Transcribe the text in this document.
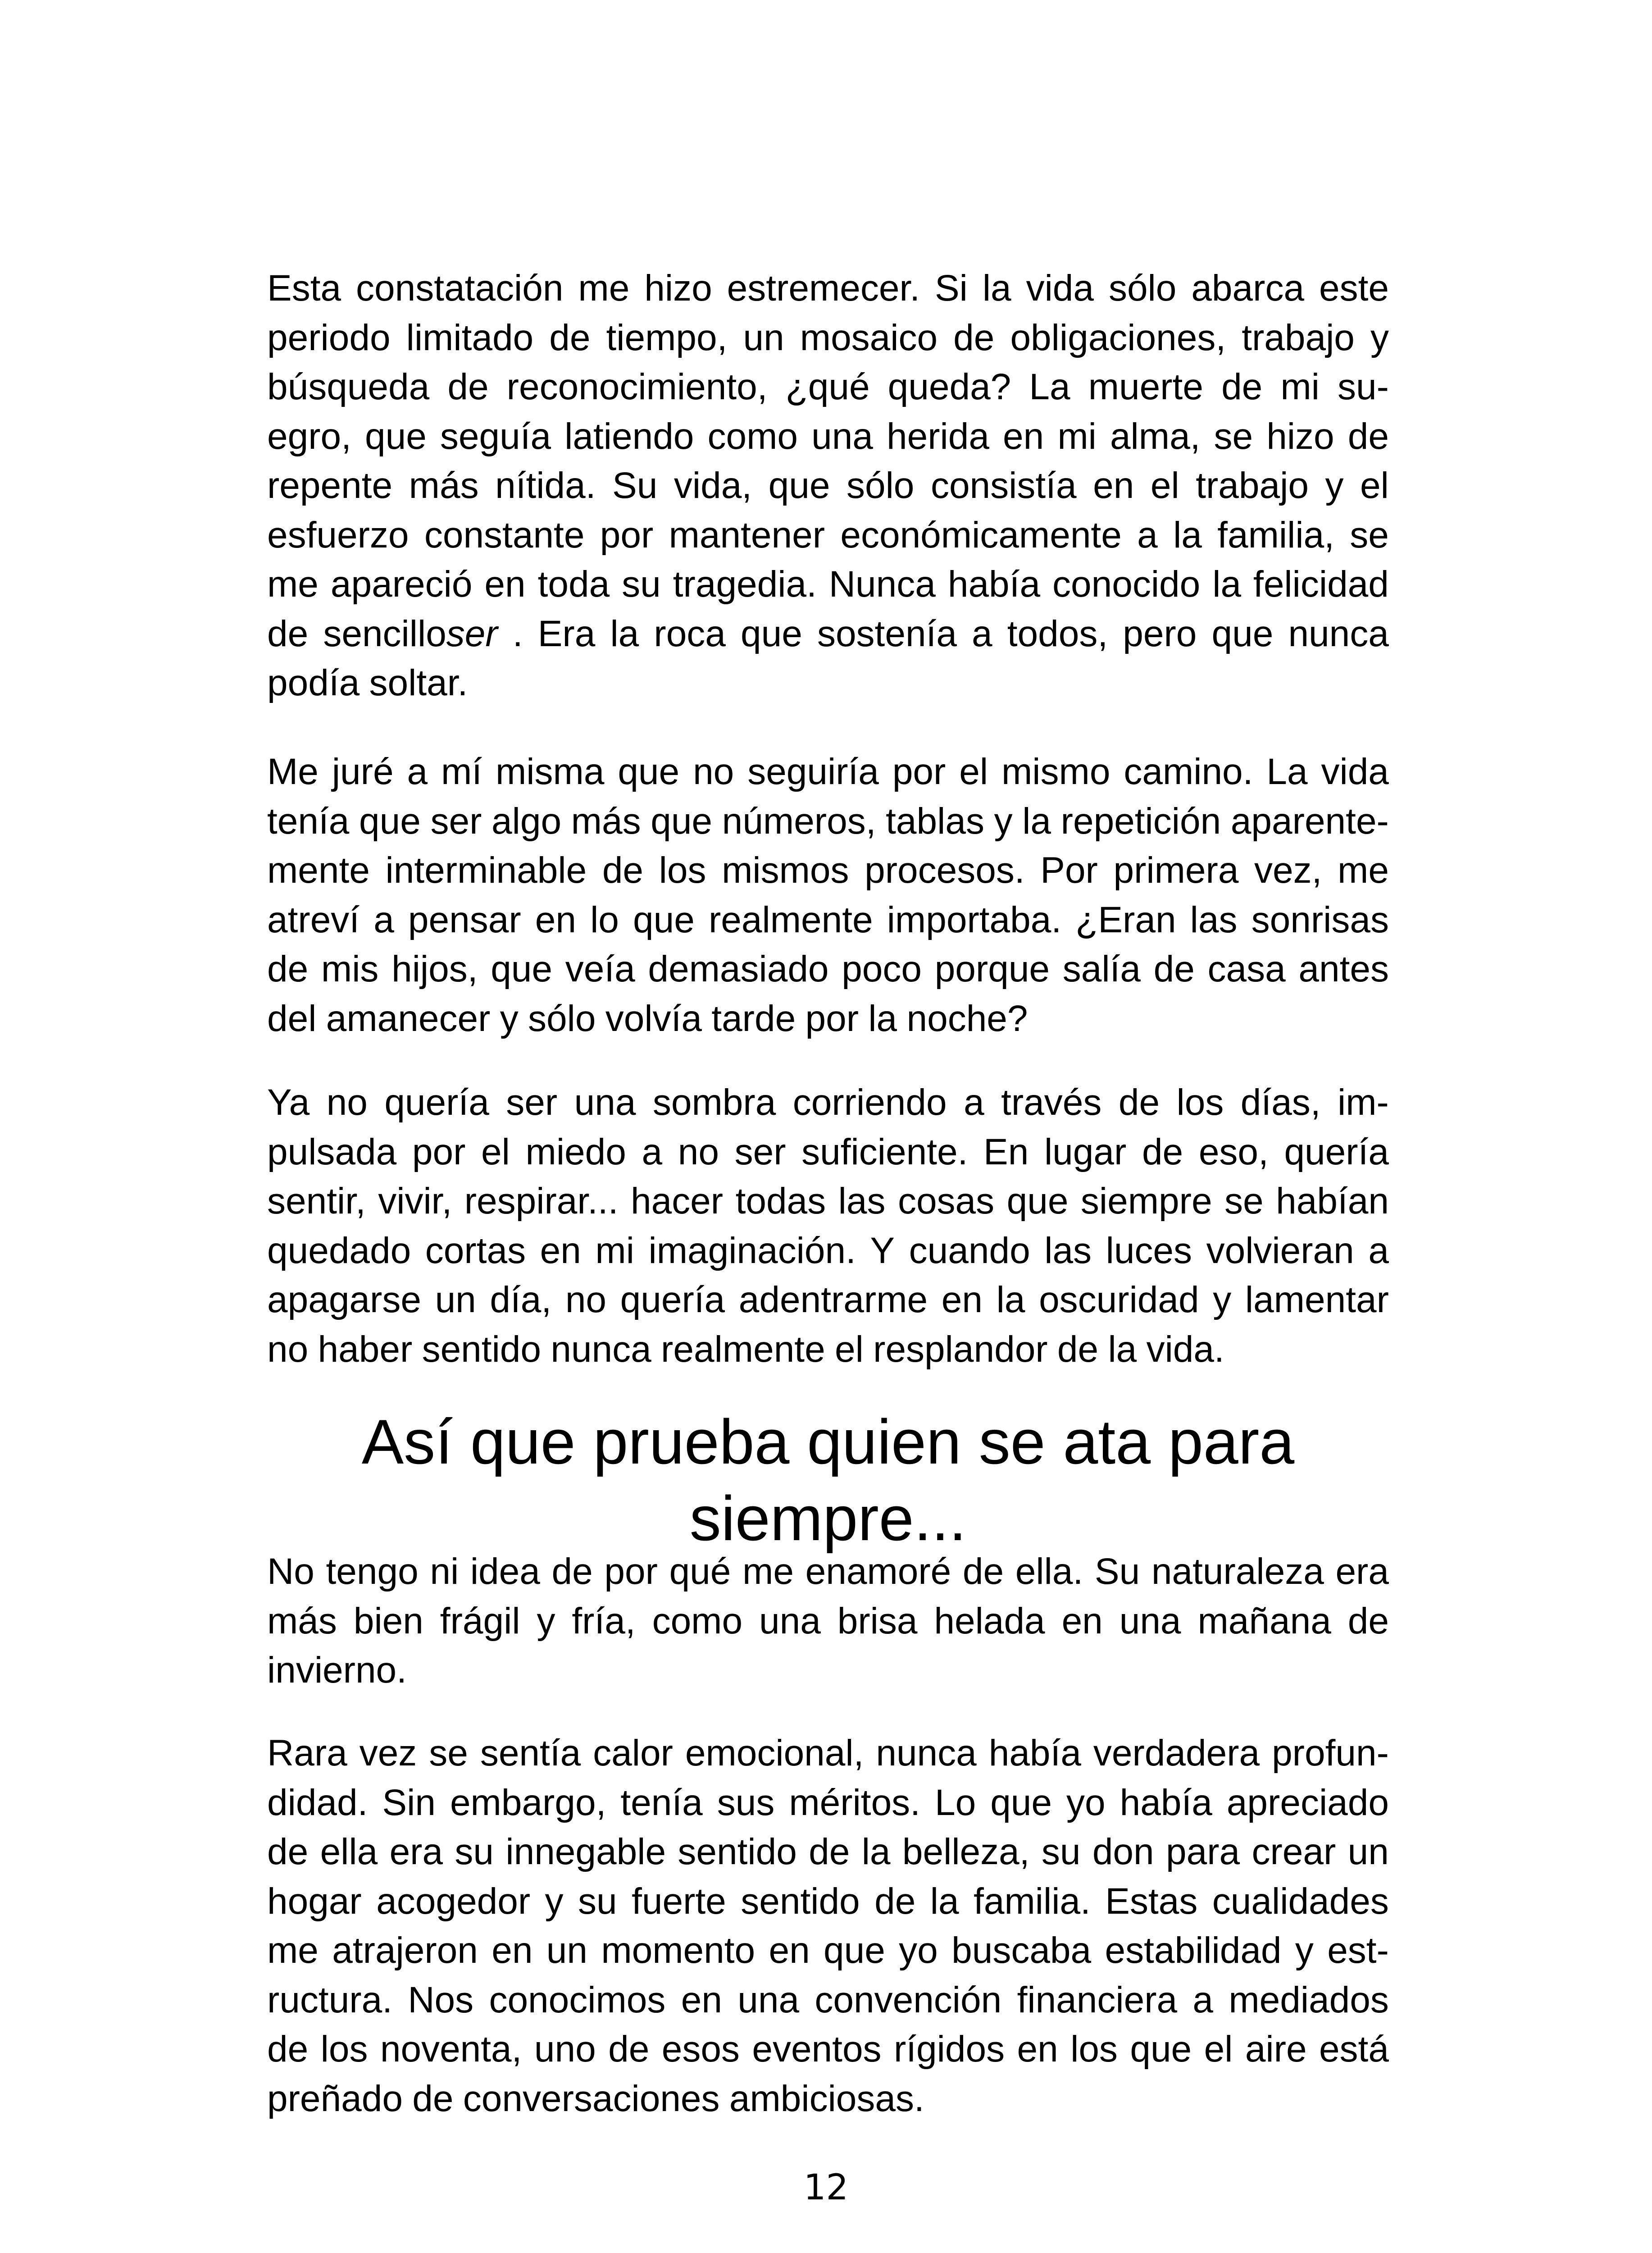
Esta constatación me hizo estremecer. Si la vida sólo abarca este
periodo limitado de tiempo, un mosaico de obligaciones, trabajo y
búsqueda de reconocimiento, ¿qué queda? La muerte de mi su-
egro, que seguía latiendo como una herida en mi alma, se hizo de
repente más nítida. Su vida, que sólo consistía en el trabajo y el
esfuerzo constante por mantener económicamente a la familia, se
me apareció en toda su tragedia. Nunca había conocido la felicidad
de sencilloser . Era la roca que sostenía a todos, pero que nunca
podía soltar.
Me juré a mí misma que no seguiría por el mismo camino. La vida
tenía que ser algo más que números, tablas y la repetición aparente-
mente interminable de los mismos procesos. Por primera vez, me
atreví a pensar en lo que realmente importaba. ¿Eran las sonrisas
de mis hijos, que veía demasiado poco porque salía de casa antes
del amanecer y sólo volvía tarde por la noche?
Ya no quería ser una sombra corriendo a través de los días, im-
pulsada por el miedo a no ser suficiente. En lugar de eso, quería
sentir, vivir, respirar... hacer todas las cosas que siempre se habían
quedado cortas en mi imaginación. Y cuando las luces volvieran a
apagarse un día, no quería adentrarme en la oscuridad y lamentar
no haber sentido nunca realmente el resplandor de la vida.
Así que prueba quien se ata para
siempre...
No tengo ni idea de por qué me enamoré de ella. Su naturaleza era
más bien frágil y fría, como una brisa helada en una mañana de
invierno.
Rara vez se sentía calor emocional, nunca había verdadera profun-
didad. Sin embargo, tenía sus méritos. Lo que yo había apreciado
de ella era su innegable sentido de la belleza, su don para crear un
hogar acogedor y su fuerte sentido de la familia. Estas cualidades
me atrajeron en un momento en que yo buscaba estabilidad y est-
ructura. Nos conocimos en una convención financiera a mediados
de los noventa, uno de esos eventos rígidos en los que el aire está
preñado de conversaciones ambiciosas.
12
